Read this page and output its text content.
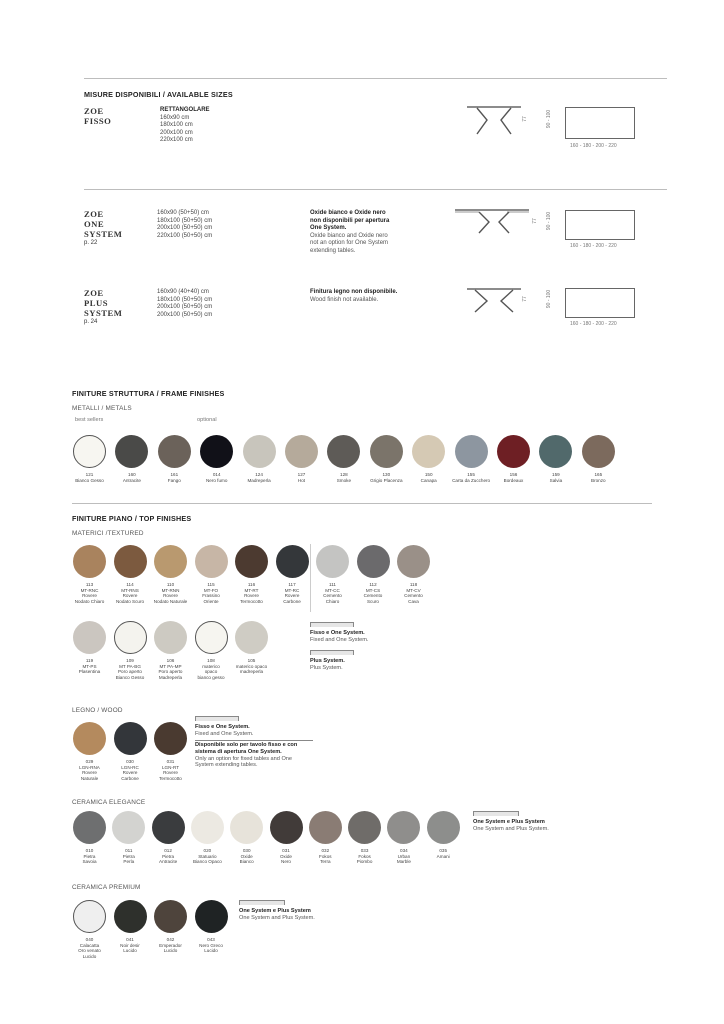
MISURE DISPONIBILI / AVAILABLE SIZES
ZOE
FISSO
RETTANGOLARE
160x90 cm
180x100 cm
200x100 cm
220x100 cm
77	90 - 100
160 - 180 - 200 - 220
ZOE
ONE
SYSTEM
p. 22
160x90 (50+50) cm
180x100 (50+50) cm
200x100 (50+50) cm
220x100 (50+50) cm
Oxide bianco e Oxide nero
non disponibili per apertura
One System.
Oxide bianco and Oxide nero
not an option for One System
extending tables.
77 90 - 100
160 - 180 - 200 - 220
ZOE
PLUS
SYSTEM
p. 24
160x90 (40+40) cm
180x100 (50+50) cm
200x100 (50+50) cm
200x100 (50+50) cm
Finitura legno non disponibile.
Wood finish not available.	77	90 - 100
160 - 180 - 200 - 220
FINITURE STRUTTURA / FRAME FINISHES
METALLI / METALS
best sellers	optional
121
Bianco Gesso
160
Antracite
161
Fango
014
Nero fumo
124
Madreperla
127
Hot
128
Smoke
130
Grigio Placenza
150
Canapa
155
Carta da Zucchero
156
Bordeaux
159
Salvia
165
Bronzo
FINITURE PIANO / TOP FINISHES
MATERICI /TEXTURED
113
MT-RNC
Rovere
Nodato Chiaro
114
MT-RNS
Rovere
Nodato Scuro
110
MT-RNN
Rovere
Nodato Naturale
115
MT-FO
Frassino
Oriente
116
MT-RT
Rovere
Termocotto
117
MT-RC
Rovere
Carbone
111
MT-CC
Cemento
Chiaro
112
MT-CS
Cemento
Scuro
118
MT-CV
Cemento
Cava
119
MT-PS
Plasentina
109
MT PA-BG
Poro aperto
Bianco Gesso
106
MT PA-MP
Poro aperto
Madreperla
108
materico
opaco
bianco gesso
105
materico opaco
madreperla
Fisso e One System.
Fixed and One System.
Plus System.
Plus System.
LEGNO / WOOD
029
LGN-RNA
Rovere
Naturale
030
LGN-RC
Rovere
Carbone
031
LGN-RT
Rovere
Termocotto
Fisso e One System.
Fixed and One System.
Disponibile solo per tavolo fisso e con
sistema di apertura One System.
Only an option for fixed tables and One
System extending tables.
CERAMICA ELEGANCE
010
Pietra
Savoia
011
Pietra
Perla
012
Pietra
Antracite
020
Statuario
Bianco Opaco
030
Oxide
Bianco
031
Oxide
Nero
032
Fokos
Terra
033
Fokos
Piombo
034
Urban
Marble
035
Amani
One System e Plus System
One System and Plus System.
CERAMICA PREMIUM
040
Calacatta
Oro venato
Lucido
041
Noir desir
Lucido
042
Emperador
Lucido
043
Nero Greco
Lucido
One System e Plus System
One System and Plus System.
